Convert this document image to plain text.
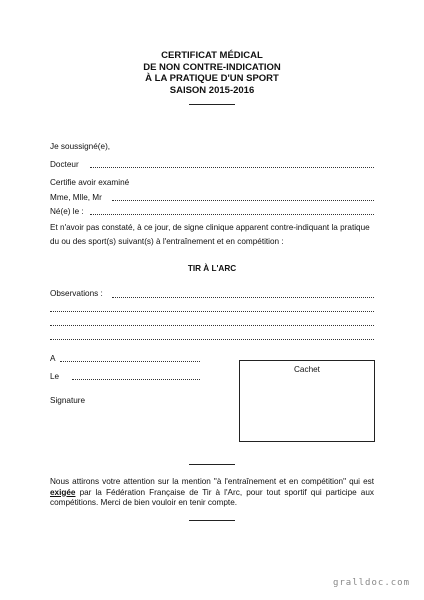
CERTIFICAT MÉDICAL
DE NON CONTRE-INDICATION
À LA PRATIQUE D'UN SPORT
SAISON 2015-2016
Je soussigné(e),
Docteur
Certifie avoir examiné
Mme, Mlle, Mr
Né(e) le :
Et n'avoir pas constaté, à ce jour, de signe clinique apparent contre-indiquant la pratique du ou des sport(s) suivant(s) à l'entraînement et en compétition :
TIR À L'ARC
Observations :
A
Le
Signature
Cachet
Nous attirons votre attention sur la mention "à l'entraînement et en compétition" qui est exigée par la Fédération Française de Tir à l'Arc, pour tout sportif qui participe aux compétitions. Merci de bien vouloir en tenir compte.
gralldoc.com
